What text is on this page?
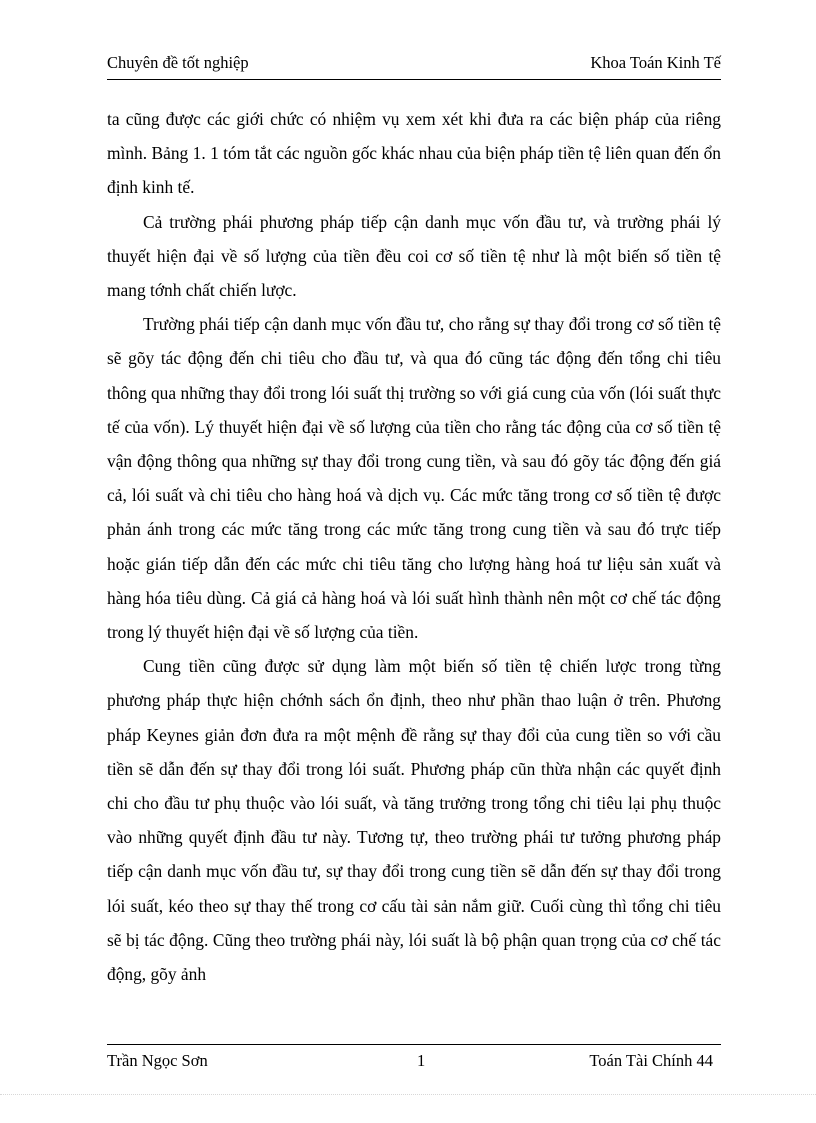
Chuyên đề tốt nghiệp	Khoa Toán Kinh Tế

ta cũng được các giới chức có nhiệm vụ xem xét khi đưa ra các biện pháp của riêng mình. Bảng 1. 1 tóm tắt các nguồn gốc khác nhau của biện pháp tiền tệ liên quan đến ổn định kinh tế.

Cả trường phái phương pháp tiếp cận danh mục vốn đầu tư, và trường phái lý thuyết hiện đại về số lượng của tiền đều coi cơ số tiền tệ như là một biến số tiền tệ mang tớnh chất chiến lược.

Trường phái tiếp cận danh mục vốn đầu tư, cho rằng sự thay đổi trong cơ số tiền tệ sẽ gõy tác động đến chi tiêu cho đầu tư, và qua đó cũng tác động đến tổng chi tiêu thông qua những thay đổi trong lói suất thị trường so với giá cung của vốn (lói suất thực tế của vốn). Lý thuyết hiện đại về số lượng của tiền cho rằng tác động của cơ số tiền tệ vận động thông qua những sự thay đổi trong cung tiền, và sau đó gõy tác động đến giá cả, lói suất và chi tiêu cho hàng hoá và dịch vụ. Các mức tăng trong cơ số tiền tệ được phản ánh trong các mức tăng trong các mức tăng trong cung tiền và sau đó trực tiếp hoặc gián tiếp dẫn đến các mức chi tiêu tăng cho lượng hàng hoá tư liệu sản xuất và hàng hóa tiêu dùng. Cả giá cả hàng hoá và lói suất hình thành nên một cơ chế tác động trong lý thuyết hiện đại về số lượng của tiền.

Cung tiền cũng được sử dụng làm một biến số tiền tệ chiến lược trong từng phương pháp thực hiện chớnh sách ổn định, theo như phần thao luận ở trên. Phương pháp Keynes giản đơn đưa ra một mệnh đề rằng sự thay đổi của cung tiền so với cầu tiền sẽ dẫn đến sự thay đổi trong lói suất. Phương pháp cũn thừa nhận các quyết định chi cho đầu tư phụ thuộc vào lói suất, và tăng trưởng trong tổng chi tiêu lại phụ thuộc vào những quyết định đầu tư này. Tương tự, theo trường phái tư tưởng phương pháp tiếp cận danh mục vốn đầu tư, sự thay đổi trong cung tiền sẽ dẫn đến sự thay đổi trong lói suất, kéo theo sự thay thế trong cơ cấu tài sản nắm giữ. Cuối cùng thì tổng chi tiêu sẽ bị tác động. Cũng theo trường phái này, lói suất là bộ phận quan trọng của cơ chế tác động, gõy ảnh

Trần Ngọc Sơn	1	Toán Tài Chính 44
